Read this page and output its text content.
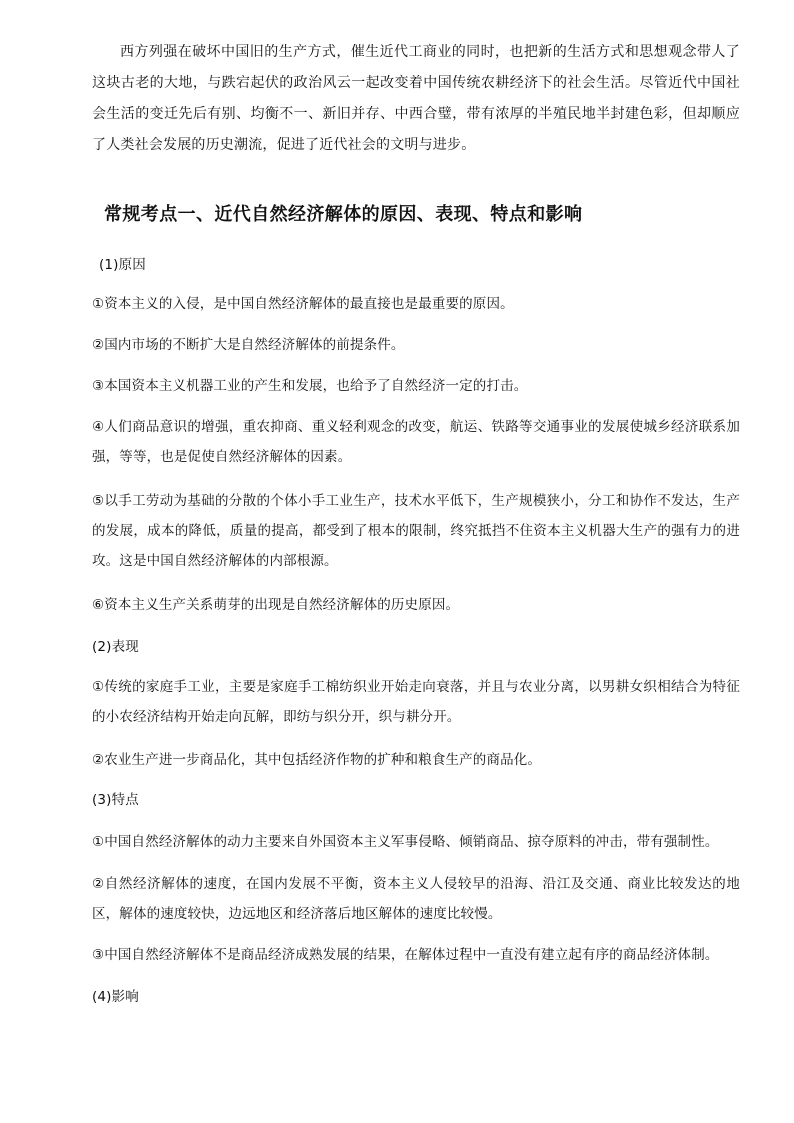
西方列强在破坏中国旧的生产方式，催生近代工商业的同时，也把新的生活方式和思想观念带人了这块古老的大地，与跌宕起伏的政治风云一起改变着中国传统农耕经济下的社会生活。尽管近代中国社会生活的变迁先后有别、均衡不一、新旧并存、中西合璧，带有浓厚的半殖民地半封建色彩，但却顺应了人类社会发展的历史潮流，促进了近代社会的文明与进步。

常规考点一、近代自然经济解体的原因、表现、特点和影响
(1)原因
①资本主义的入侵，是中国自然经济解体的最直接也是最重要的原因。
②国内市场的不断扩大是自然经济解体的前提条件。
③本国资本主义机器工业的产生和发展，也给予了自然经济一定的打击。
④人们商品意识的增强，重农抑商、重义轻利观念的改变，航运、铁路等交通事业的发展使城乡经济联系加强，等等，也是促使自然经济解体的因素。
⑤以手工劳动为基础的分散的个体小手工业生产，技术水平低下，生产规模狭小，分工和协作不发达，生产的发展，成本的降低，质量的提高，都受到了根本的限制，终究抵挡不住资本主义机器大生产的强有力的进攻。这是中国自然经济解体的内部根源。
⑥资本主义生产关系萌芽的出现是自然经济解体的历史原因。
(2)表现
①传统的家庭手工业，主要是家庭手工棉纺织业开始走向衰落，并且与农业分离，以男耕女织相结合为特征的小农经济结构开始走向瓦解，即纺与织分开，织与耕分开。
②农业生产进一步商品化，其中包括经济作物的扩种和粮食生产的商品化。
(3)特点
①中国自然经济解体的动力主要来自外国资本主义军事侵略、倾销商品、掠夺原料的冲击，带有强制性。
②自然经济解体的速度，在国内发展不平衡，资本主义人侵较早的沿海、沿江及交通、商业比较发达的地区，解体的速度较快，边远地区和经济落后地区解体的速度比较慢。
③中国自然经济解体不是商品经济成熟发展的结果，在解体过程中一直没有建立起有序的商品经济体制。
(4)影响
